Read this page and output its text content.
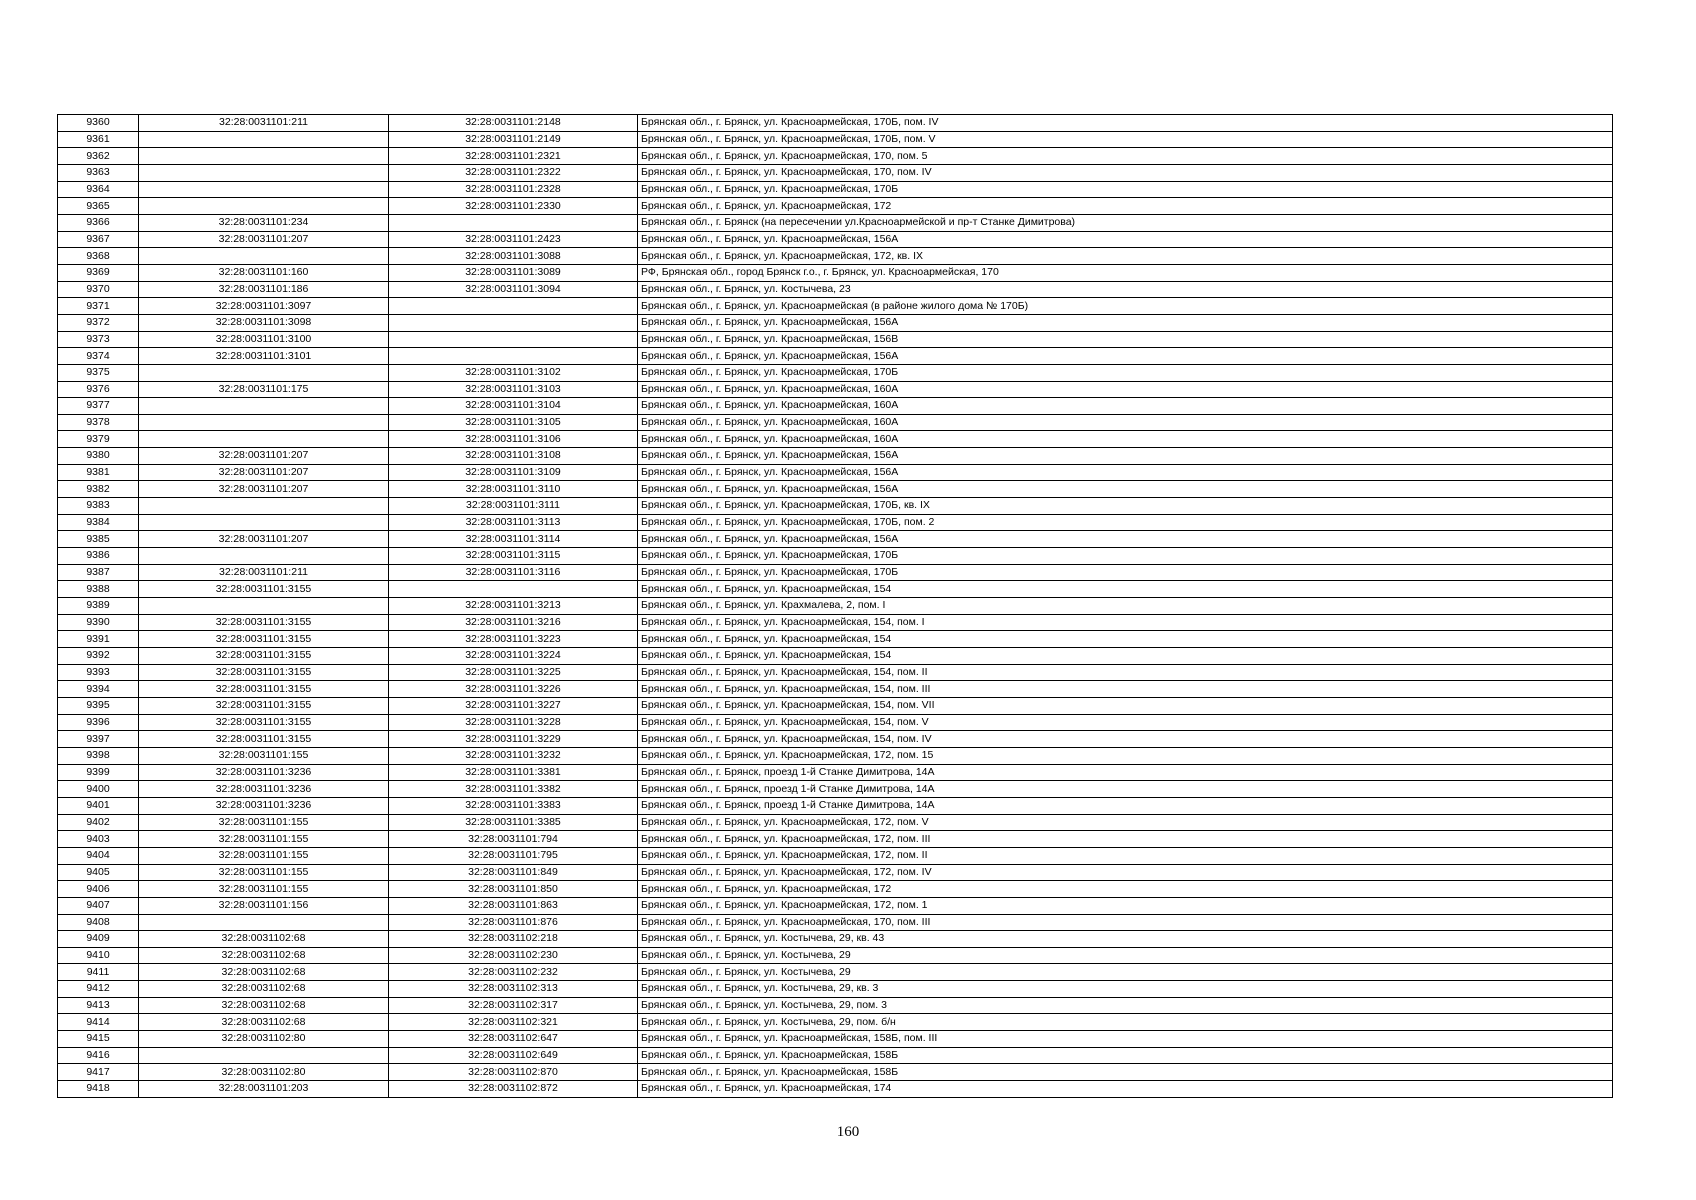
9360	32:28:0031101:211	32:28:0031101:2148	Брянская обл., г. Брянск, ул. Красноармейская, 170Б, пом. IV
9361		32:28:0031101:2149	Брянская обл., г. Брянск, ул. Красноармейская, 170Б, пом. V
9362		32:28:0031101:2321	Брянская обл., г. Брянск, ул. Красноармейская, 170, пом. 5
9363		32:28:0031101:2322	Брянская обл., г. Брянск, ул. Красноармейская, 170, пом. IV
9364		32:28:0031101:2328	Брянская обл., г. Брянск, ул. Красноармейская, 170Б
9365		32:28:0031101:2330	Брянская обл., г. Брянск, ул. Красноармейская, 172
9366	32:28:0031101:234		Брянская обл., г. Брянск (на пересечении ул.Красноармейской и пр-т Станке Димитрова)
9367	32:28:0031101:207	32:28:0031101:2423	Брянская обл., г. Брянск, ул. Красноармейская, 156А
9368		32:28:0031101:3088	Брянская обл., г. Брянск, ул. Красноармейская, 172, кв. IX
9369	32:28:0031101:160	32:28:0031101:3089	РФ, Брянская обл., город Брянск г.о., г. Брянск, ул. Красноармейская, 170
9370	32:28:0031101:186	32:28:0031101:3094	Брянская обл., г. Брянск, ул. Костычева, 23
9371	32:28:0031101:3097		Брянская обл., г. Брянск, ул. Красноармейская (в районе жилого дома № 170Б)
9372	32:28:0031101:3098		Брянская обл., г. Брянск, ул. Красноармейская, 156А
9373	32:28:0031101:3100		Брянская обл., г. Брянск, ул. Красноармейская, 156В
9374	32:28:0031101:3101		Брянская обл., г. Брянск, ул. Красноармейская, 156А
9375		32:28:0031101:3102	Брянская обл., г. Брянск, ул. Красноармейская, 170Б
9376	32:28:0031101:175	32:28:0031101:3103	Брянская обл., г. Брянск, ул. Красноармейская, 160А
9377		32:28:0031101:3104	Брянская обл., г. Брянск, ул. Красноармейская, 160А
9378		32:28:0031101:3105	Брянская обл., г. Брянск, ул. Красноармейская, 160А
9379		32:28:0031101:3106	Брянская обл., г. Брянск, ул. Красноармейская, 160А
9380	32:28:0031101:207	32:28:0031101:3108	Брянская обл., г. Брянск, ул. Красноармейская, 156А
9381	32:28:0031101:207	32:28:0031101:3109	Брянская обл., г. Брянск, ул. Красноармейская, 156А
9382	32:28:0031101:207	32:28:0031101:3110	Брянская обл., г. Брянск, ул. Красноармейская, 156А
9383		32:28:0031101:3111	Брянская обл., г. Брянск, ул. Красноармейская, 170Б, кв. IX
9384		32:28:0031101:3113	Брянская обл., г. Брянск, ул. Красноармейская, 170Б, пом. 2
9385	32:28:0031101:207	32:28:0031101:3114	Брянская обл., г. Брянск, ул. Красноармейская, 156А
9386		32:28:0031101:3115	Брянская обл., г. Брянск, ул. Красноармейская, 170Б
9387	32:28:0031101:211	32:28:0031101:3116	Брянская обл., г. Брянск, ул. Красноармейская, 170Б
9388	32:28:0031101:3155		Брянская обл., г. Брянск, ул. Красноармейская, 154
9389		32:28:0031101:3213	Брянская обл., г. Брянск, ул. Крахмалева, 2, пом. I
9390	32:28:0031101:3155	32:28:0031101:3216	Брянская обл., г. Брянск, ул. Красноармейская, 154, пом. I
9391	32:28:0031101:3155	32:28:0031101:3223	Брянская обл., г. Брянск, ул. Красноармейская, 154
9392	32:28:0031101:3155	32:28:0031101:3224	Брянская обл., г. Брянск, ул. Красноармейская, 154
9393	32:28:0031101:3155	32:28:0031101:3225	Брянская обл., г. Брянск, ул. Красноармейская, 154, пом. II
9394	32:28:0031101:3155	32:28:0031101:3226	Брянская обл., г. Брянск, ул. Красноармейская, 154, пом. III
9395	32:28:0031101:3155	32:28:0031101:3227	Брянская обл., г. Брянск, ул. Красноармейская, 154, пом. VII
9396	32:28:0031101:3155	32:28:0031101:3228	Брянская обл., г. Брянск, ул. Красноармейская, 154, пом. V
9397	32:28:0031101:3155	32:28:0031101:3229	Брянская обл., г. Брянск, ул. Красноармейская, 154, пом. IV
9398	32:28:0031101:155	32:28:0031101:3232	Брянская обл., г. Брянск, ул. Красноармейская, 172, пом. 15
9399	32:28:0031101:3236	32:28:0031101:3381	Брянская обл., г. Брянск, проезд 1-й Станке Димитрова, 14А
9400	32:28:0031101:3236	32:28:0031101:3382	Брянская обл., г. Брянск, проезд 1-й Станке Димитрова, 14А
9401	32:28:0031101:3236	32:28:0031101:3383	Брянская обл., г. Брянск, проезд 1-й Станке Димитрова, 14А
9402	32:28:0031101:155	32:28:0031101:3385	Брянская обл., г. Брянск, ул. Красноармейская, 172, пом. V
9403	32:28:0031101:155	32:28:0031101:794	Брянская обл., г. Брянск, ул. Красноармейская, 172, пом. III
9404	32:28:0031101:155	32:28:0031101:795	Брянская обл., г. Брянск, ул. Красноармейская, 172, пом. II
9405	32:28:0031101:155	32:28:0031101:849	Брянская обл., г. Брянск, ул. Красноармейская, 172, пом. IV
9406	32:28:0031101:155	32:28:0031101:850	Брянская обл., г. Брянск, ул. Красноармейская, 172
9407	32:28:0031101:156	32:28:0031101:863	Брянская обл., г. Брянск, ул. Красноармейская, 172, пом. 1
9408		32:28:0031101:876	Брянская обл., г. Брянск, ул. Красноармейская, 170, пом. III
9409	32:28:0031102:68	32:28:0031102:218	Брянская обл., г. Брянск, ул. Костычева, 29, кв. 43
9410	32:28:0031102:68	32:28:0031102:230	Брянская обл., г. Брянск, ул. Костычева, 29
9411	32:28:0031102:68	32:28:0031102:232	Брянская обл., г. Брянск, ул. Костычева, 29
9412	32:28:0031102:68	32:28:0031102:313	Брянская обл., г. Брянск, ул. Костычева, 29, кв. 3
9413	32:28:0031102:68	32:28:0031102:317	Брянская обл., г. Брянск, ул. Костычева, 29, пом. 3
9414	32:28:0031102:68	32:28:0031102:321	Брянская обл., г. Брянск, ул. Костычева, 29, пом. б/н
9415	32:28:0031102:80	32:28:0031102:647	Брянская обл., г. Брянск, ул. Красноармейская, 158Б, пом. III
9416		32:28:0031102:649	Брянская обл., г. Брянск, ул. Красноармейская, 158Б
9417	32:28:0031102:80	32:28:0031102:870	Брянская обл., г. Брянск, ул. Красноармейская, 158Б
9418	32:28:0031101:203	32:28:0031102:872	Брянская обл., г. Брянск, ул. Красноармейская, 174
160
